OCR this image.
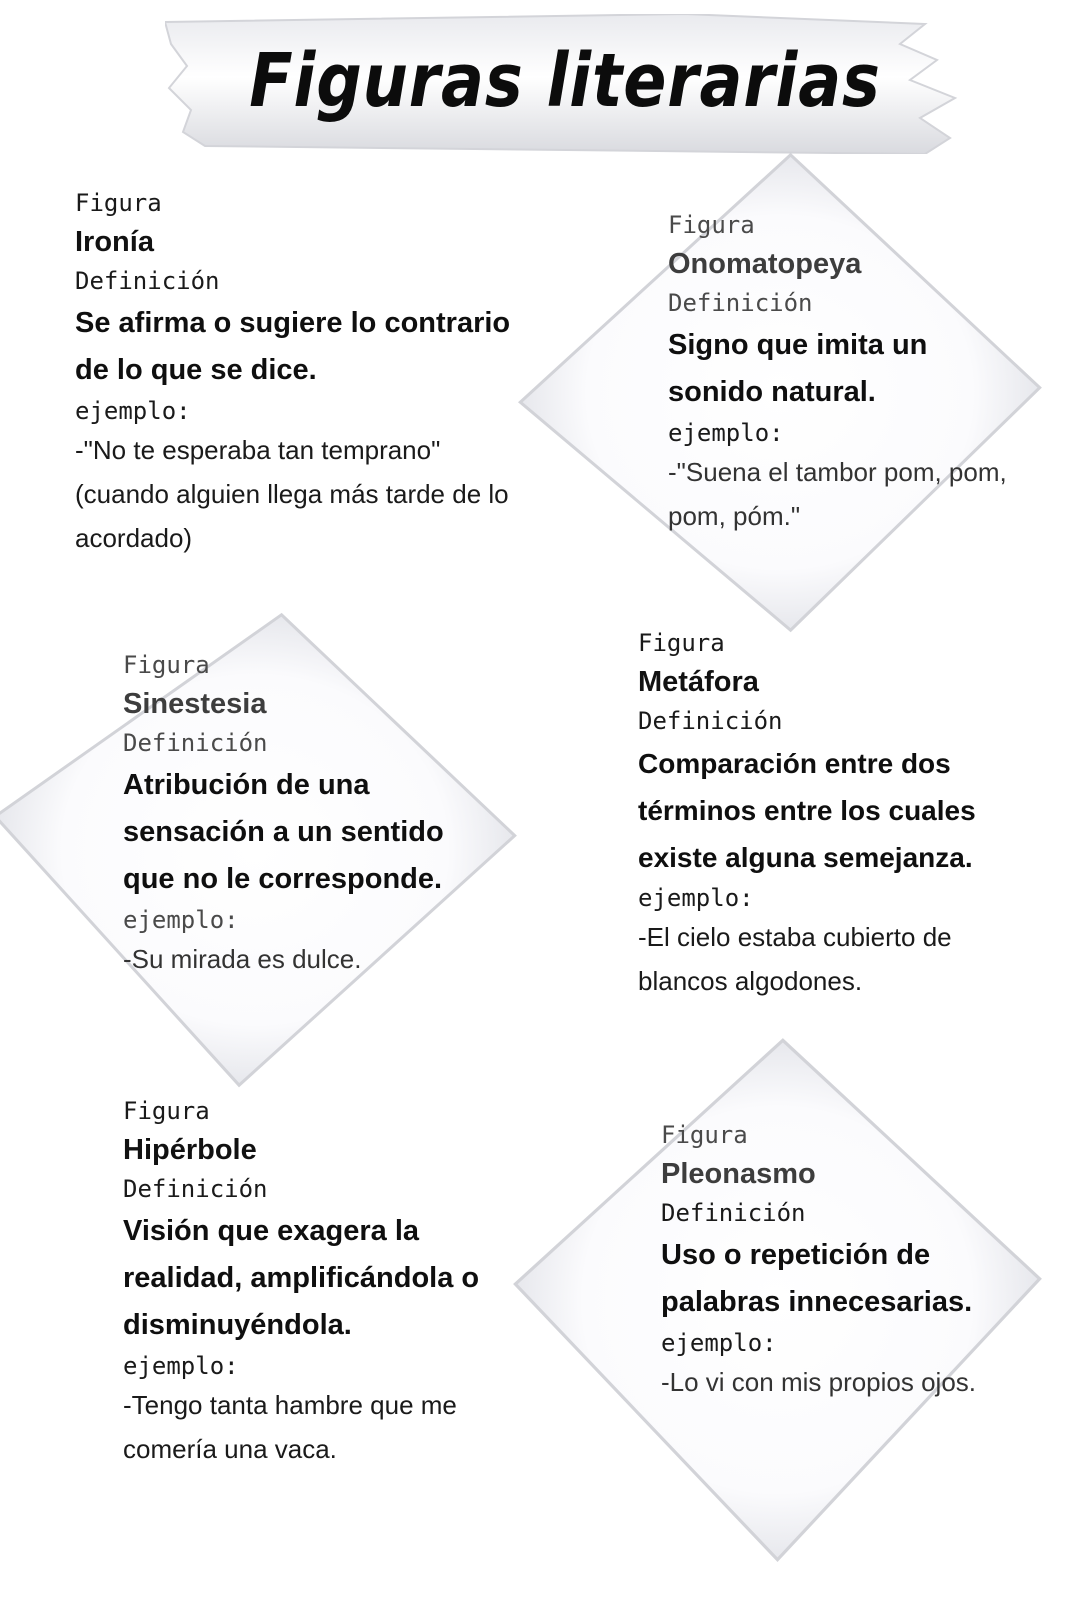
Figuras literarias

Figura

Ironía

Definición

Se afirma o sugiere lo contrario de lo que se dice.

ejemplo:

-"No te esperaba tan temprano" (cuando alguien llega más tarde de lo acordado)

Figura

Onomatopeya

Definición

Signo que imita un sonido natural.

ejemplo:

-"Suena el tambor pom, pom, pom, póm."

Figura

Sinestesia

Definición

Atribución de una sensación a un sentido que no le corresponde.

ejemplo:

-Su mirada es dulce.

Figura

Metáfora

Definición

Comparación entre dos términos entre los cuales existe alguna semejanza.

ejemplo:

-El cielo estaba cubierto de blancos algodones.

Figura

Hipérbole

Definición

Visión que exagera la realidad, amplificándola o disminuyéndola.

ejemplo:

-Tengo tanta hambre que me comería una vaca.

Figura

Pleonasmo

Definición

Uso o repetición de palabras innecesarias.

ejemplo:

-Lo vi con mis propios ojos.
